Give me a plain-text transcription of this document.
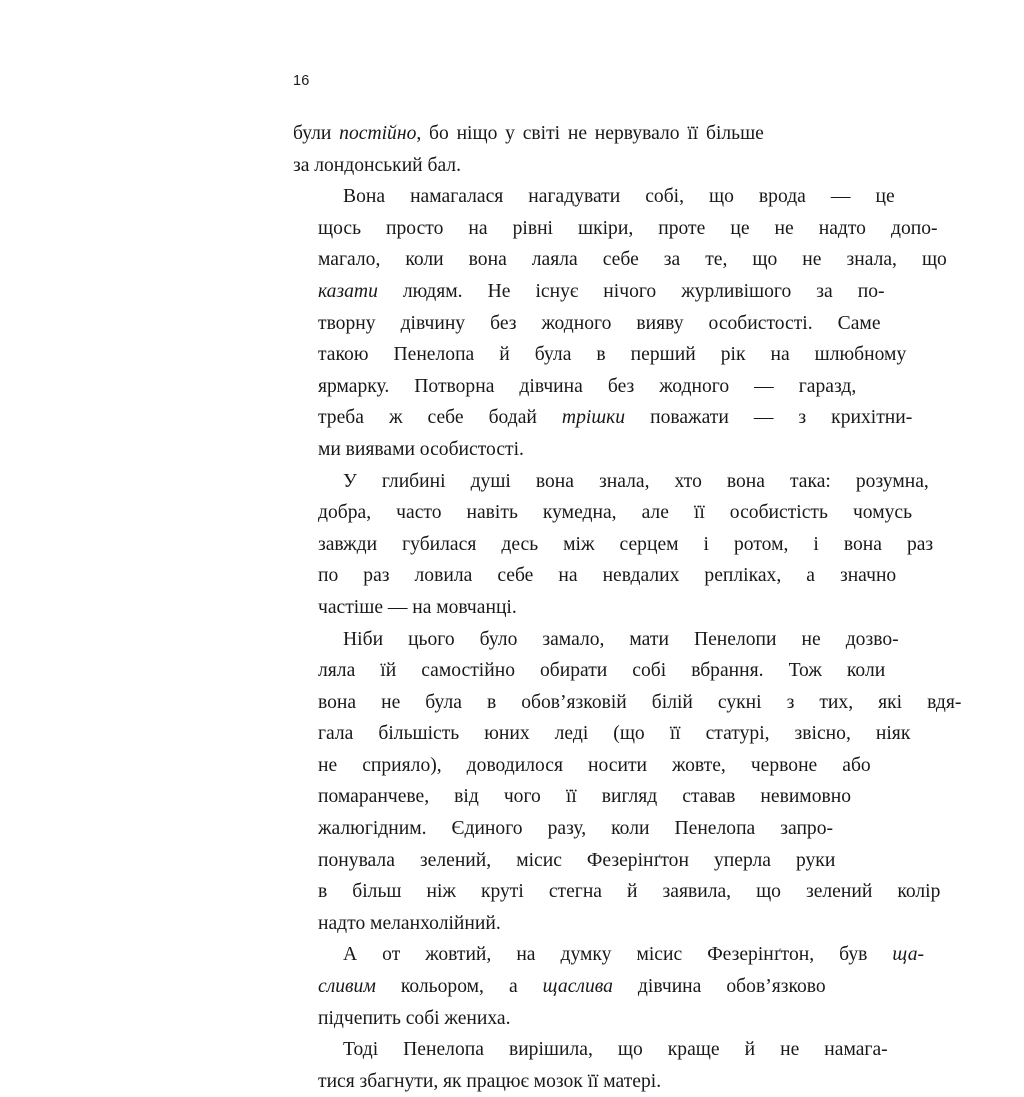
16

були постійно, бо ніщо у світі не нервувало її більше
за лондонський бал.

Вона	намагалася	нагадувати	собі,	що	врода	—	це
щось	просто	на	рівні	шкіри,	проте	це	не	надто	допо-
магало,	коли	вона	лаяла	себе	за	те,	що	не	знала,	що
казати	людям.	Не	існує	нічого	журливішого	за	по-
творну	дівчину	без	жодного	вияву	особистості.	Саме
такою	Пенелопа	й	була	в	перший	рік	на	шлюбному
ярмарку.	Потворна	дівчина	без	жодного	—	гаразд,
треба	ж	себе	бодай	трішки	поважати	—	з	крихітни-
ми виявами особистості.

У	глибині	душі	вона	знала,	хто	вона	така:	розумна,
добра,	часто	навіть	кумедна,	але	її	особистість	чомусь
завжди	губилася	десь	між	серцем	і	ротом,	і	вона	раз
по	раз	ловила	себе	на	невдалих	репліках,	а	значно
частіше — на мовчанці.

Ніби	цього	було	замало,	мати	Пенелопи	не	дозво-
ляла	їй	самостійно	обирати	собі	вбрання.	Тож	коли
вона	не	була	в	обов’язковій	білій	сукні	з	тих,	які	вдя-
гала	більшість	юних	леді	(що	її	статурі,	звісно,	ніяк
не	сприяло),	доводилося	носити	жовте,	червоне	або
помаранчеве,	від	чого	її	вигляд	ставав	невимовно
жалюгідним.	Єдиного	разу,	коли	Пенелопа	запро-
понувала	зелений,	місис	Фезерінґтон	уперла	руки
в	більш	ніж	круті	стегна	й	заявила,	що	зелений	колір
надто меланхолійний.

А	от	жовтий,	на	думку	місис	Фезерінґтон,	був	ща-
сливим	кольором,	а	щаслива	дівчина	обов’язково
підчепить собі жениха.

Тоді	Пенелопа	вирішила,	що	краще	й	не	намага-
тися збагнути, як працює мозок її матері.
